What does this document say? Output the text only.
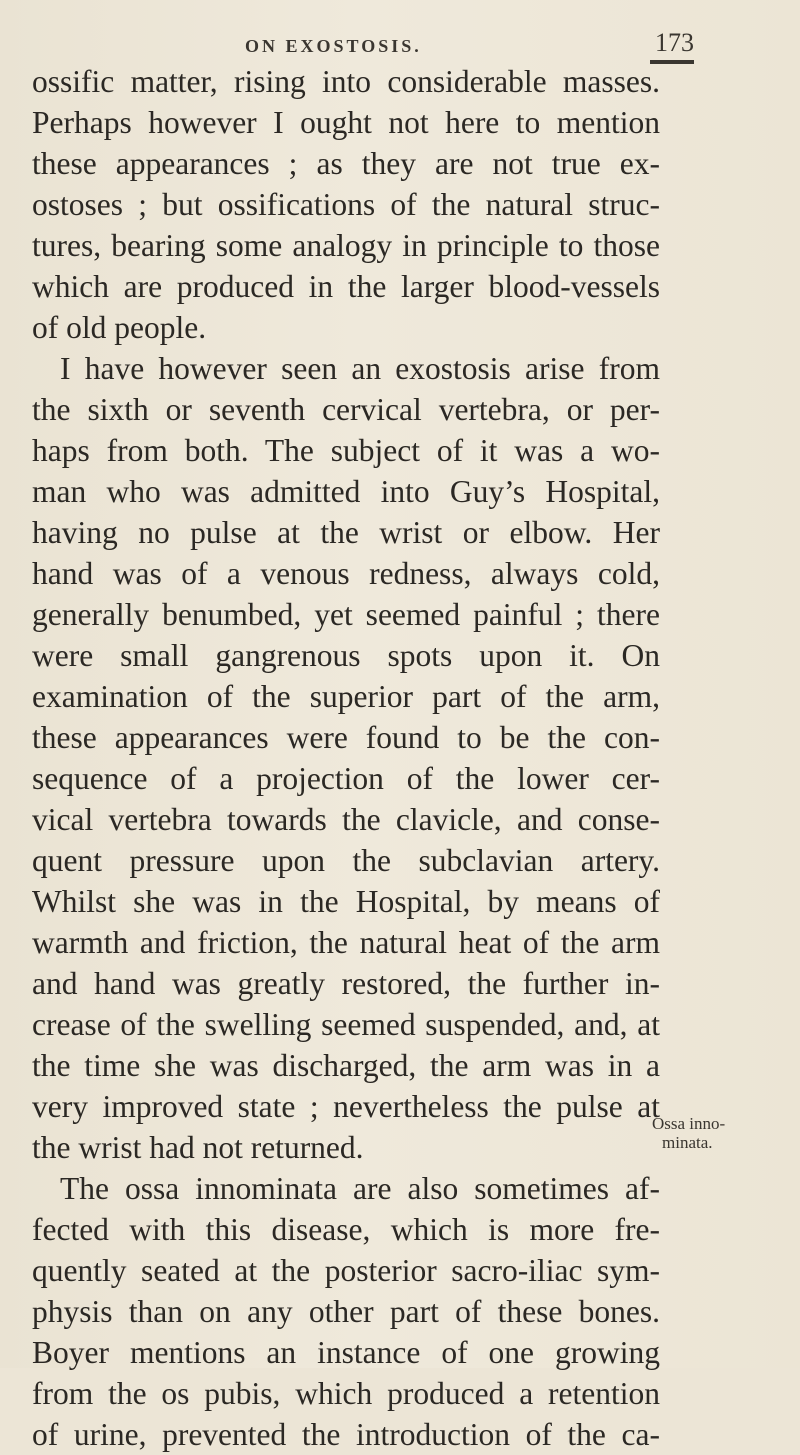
ON EXOSTOSIS.	173
ossific matter, rising into considerable masses.
Perhaps however I ought not here to mention
these appearances ; as they are not true ex-
ostoses ; but ossifications of the natural struc-
tures, bearing some analogy in principle to those
which are produced in the larger blood-vessels
of old people.
I have however seen an exostosis arise from
the sixth or seventh cervical vertebra, or per-
haps from both. The subject of it was a wo-
man who was admitted into Guy’s Hospital,
having no pulse at the wrist or elbow. Her
hand was of a venous redness, always cold,
generally benumbed, yet seemed painful ; there
were small gangrenous spots upon it. On
examination of the superior part of the arm,
these appearances were found to be the con-
sequence of a projection of the lower cer-
vical vertebra towards the clavicle, and conse-
quent pressure upon the subclavian artery.
Whilst she was in the Hospital, by means of
warmth and friction, the natural heat of the arm
and hand was greatly restored, the further in-
crease of the swelling seemed suspended, and, at
the time she was discharged, the arm was in a
very improved state ; nevertheless the pulse at
the wrist had not returned.
The ossa innominata are also sometimes af-
fected with this disease, which is more fre-
quently seated at the posterior sacro-iliac sym-
physis than on any other part of these bones.
Boyer mentions an instance of one growing
from the os pubis, which produced a retention
of urine, prevented the introduction of the ca-
Ossa inno-
minata.
